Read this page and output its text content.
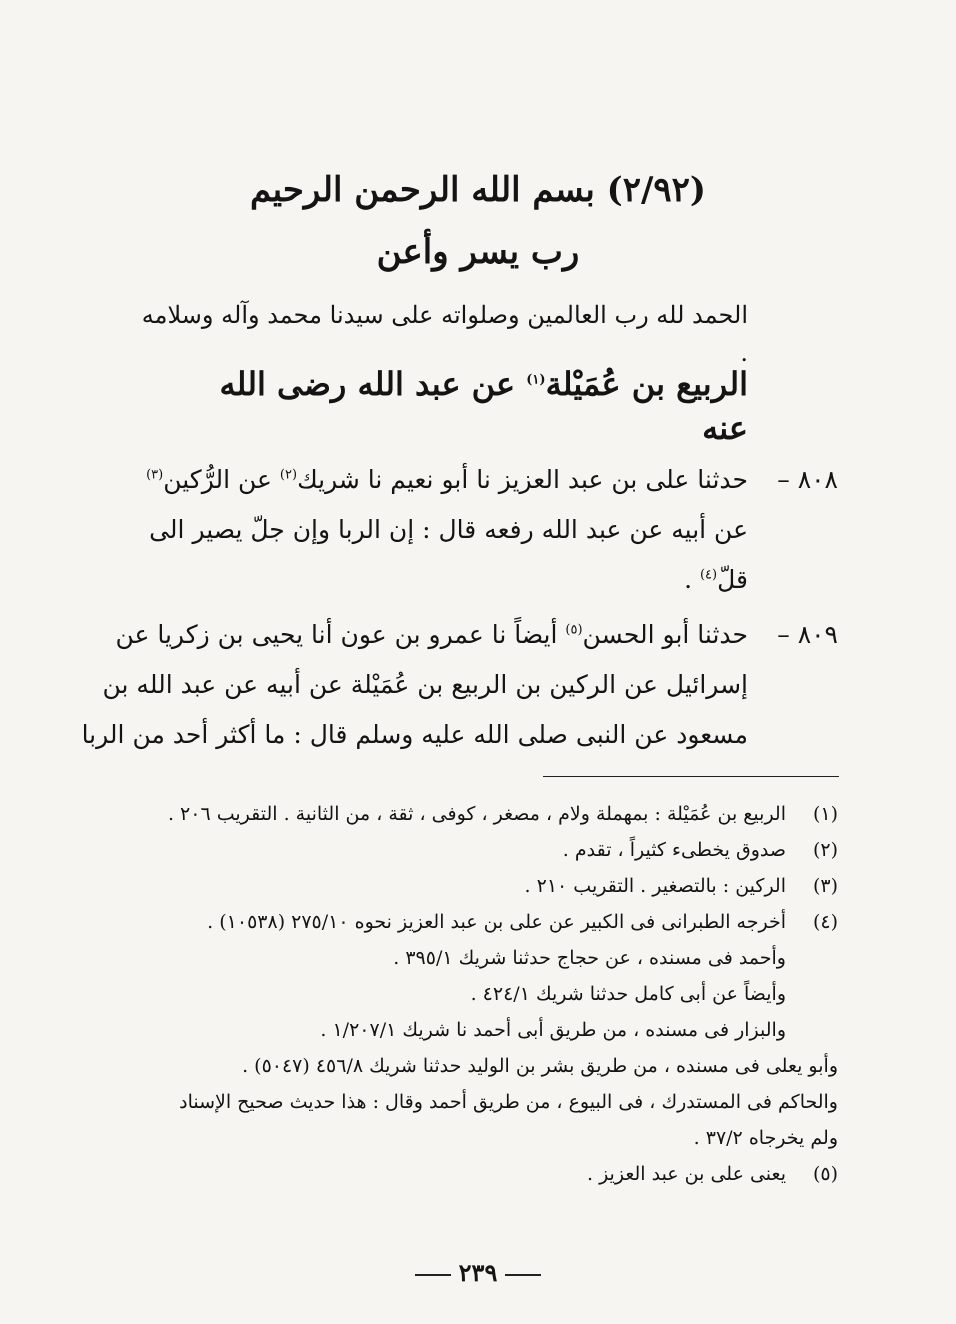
(٢/٩٢) بسم الله الرحمن الرحيم
رب يسر وأعن
الحمد لله رب العالمين وصلواته على سيدنا محمد وآله وسلامه .
الربيع بن عُمَيْلة$^{(١)}$ عن عبد الله رضى الله عنه
٨٠٨ –
حدثنا على بن عبد العزيز نا أبو نعيم نا شريك$^{(٢)}$ عن الرُّكين$^{(٣)}$
عن أبيه عن عبد الله رفعه قال : إن الربا وإن جلّ يصير الى
قلّ$^{(٤)}$ .
٨٠٩ –
حدثنا أبو الحسن$^{(٥)}$ أيضاً نا عمرو بن عون أنا يحيى بن زكريا عن
إسرائيل عن الركين بن الربيع بن عُمَيْلة عن أبيه عن عبد الله بن
مسعود عن النبى صلى الله عليه وسلم قال : ما أكثر أحد من الربا
(١)
الربيع بن عُمَيْلة : بمهملة ولام ، مصغر ، كوفى ، ثقة ، من الثانية . التقريب ٢٠٦ .
(٢)
صدوق يخطىء كثيراً ، تقدم .
(٣)
الركين : بالتصغير . التقريب ٢١٠ .
(٤)
أخرجه الطبرانى فى الكبير عن على بن عبد العزيز نحوه ٢٧٥/١٠ (١٠٥٣٨) .
وأحمد فى مسنده ، عن حجاج حدثنا شريك ٣٩٥/١ .
وأيضاً عن أبى كامل حدثنا شريك ٤٢٤/١ .
والبزار فى مسنده ، من طريق أبى أحمد نا شريك ١/٢٠٧/١ .
وأبو يعلى فى مسنده ، من طريق بشر بن الوليد حدثنا شريك ٤٥٦/٨ (٥٠٤٧) .
والحاكم فى المستدرك ، فى البيوع ، من طريق أحمد وقال : هذا حديث صحيح الإسناد
ولم يخرجاه ٣٧/٢ .
(٥)
يعنى على بن عبد العزيز .
٢٣٩
